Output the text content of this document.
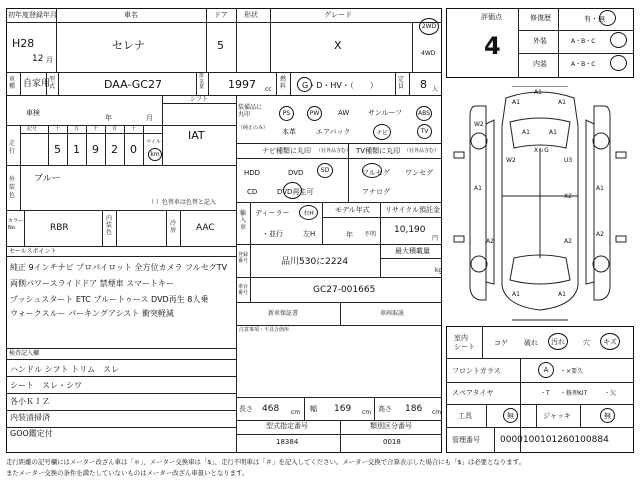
初年度登録年月
H28
12 月
車名
セレナ
ドア
5
形状	グレード
X
2WD
4WD
車
種 自家用
型
式	DAA-GC27
排
気
量 1997 cc
燃
料 G・D・HV・（　　）
定
員 8 人
車検
年	月
シフト
IAT
走
行
記号	十	万	千	百	十
5 1 9 2 0
マイル
km
外
装
色
ブルー
（ ）色替車は色替と記入
カラー
No.	RBR
内
装
色
冷
房 AAC
セールスポイント
純正 9インチナビ プロパイロット 全方位カメラ フルセグTV
両側パワースライドドア 禁煙車 スマートキー
プッシュスタート ETC ブルートゥース DVD再生 8人乗
ウォークスルー パーキングアシスト 衝突軽減
検査記入欄
ハンドル シフト トリム　スレ
シート　スレ・シワ
各小ＫＩＺ
内装清掃済
GOO鑑定付
装備品に
丸印
（純正のみ）
PS	PW	AW	サンルーフ	ABS
本革	エアバック	ナビ	TV
ナビ種類に丸印 （社外品含む）
HDD	DVD	SD
CD	DVD再生可
TV種類に丸印 （社外品含む）
フルセグ ワンセグ
アナログ
輸
入
車
ディーラー 右H
・並行	左H
モデル年式
年 不明
リサイクル預託金
10,190
円
登録
番号	品川530に2224
最大積載量
kg
車台
番号	GC27-001665
新車保証書	車両取説
注意事項・不具合箇所
長さ 468 cm 幅 169 cm 高さ 186 cm
型式指定番号
18384
類別区分番号
0018
評価点
4
修復歴	有・無
外装	A・B・C
内装	A・B・C
A1
A1	A1
A1	A1
W2
XっG
W2	U3
A1	A1
X2
A2	A2
A2
A1	A1
室内
シート
コゲ 破れ 汚れ	穴 キズ
フロントガラス	A ・×要久
スペアタイヤ	・T ・修理KIT	・欠
工具	無	ジャッキ	無
管理番号 0000100101260100884
走行距離の記号欄にはメーター改ざん車は「＊」、メーター交換車は「$」、走行不明車は「＃」を記入してください。メーター交換で合算表示した場合にも「$」は必要となります。
またメーター交換の条件を満たしていないものはメーター改ざん車扱いとなります。
